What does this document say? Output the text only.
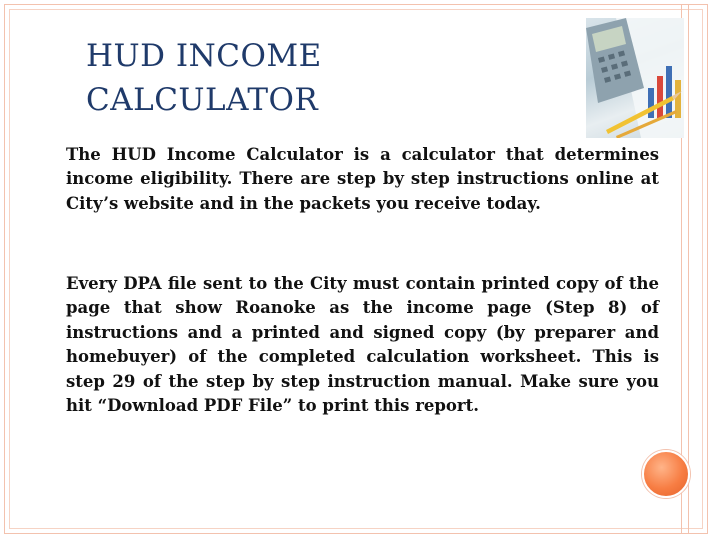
HUD INCOME
CALCULATOR
The HUD Income Calculator is a calculator that determines income eligibility. There are step by step instructions online at City’s website and in the packets you receive today.
Every DPA file sent to the City must contain printed copy of the page that show Roanoke as the income page (Step 8) of instructions and a printed and signed copy (by preparer and homebuyer) of the completed calculation worksheet. This is step 29 of the step by step instruction manual. Make sure you hit “Download PDF File” to print this report.
